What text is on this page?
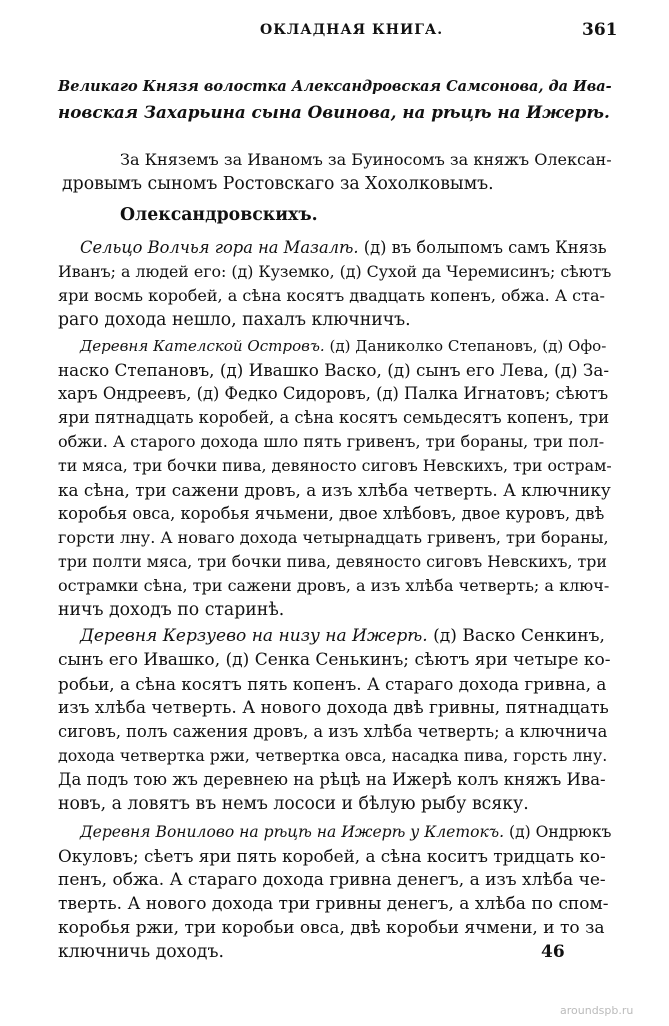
ОКЛАДНАЯ КНИГА.	361
Великаго Князя волостка Александровская Самсонова, да Ива-
новская Захарьина сына Овинова, на рѣцѣ на Ижерѣ.
За Княземъ за Иваномъ за Буиносомъ за княжъ Олексан-
дровымъ сыномъ Ростовскаго за Хохолковымъ.
Олександровскихъ.
Сельцо Волчья гора на Мазалѣ. (д) въ болыпомъ самъ Князь
Иванъ; а людей его: (д) Куземко, (д) Сухой да Черемисинъ; сѣютъ
яри восмь коробей, а сѣна косятъ двадцать копенъ, обжа. А ста-
раго дохода нешло, пахалъ ключничъ.
Деревня Кателской Островъ. (д) Даниколко Степановъ, (д) Офо-
наско Степановъ, (д) Ивашко Васко, (д) сынъ его Лева, (д) За-
харъ Ондреевъ, (д) Федко Сидоровъ, (д) Палка Игнатовъ; сѣютъ
яри пятнадцать коробей, а сѣна косятъ семьдесятъ копенъ, три
обжи. А старого дохода шло пять гривенъ, три бораны, три пол-
ти мяса, три бочки пива, девяносто сиговъ Невскихъ, три острам-
ка сѣна, три сажени дровъ, а изъ хлѣба четверть. А ключнику
коробья овса, коробья ячьмени, двое хлѣбовъ, двое куровъ, двѣ
горсти лну. А новаго дохода четырнадцать гривенъ, три бораны,
три полти мяса, три бочки пива, девяносто сиговъ Невскихъ, три
острамки сѣна, три сажени дровъ, а изъ хлѣба четверть; а ключ-
ничъ доходъ по старинѣ.
Деревня Керзуево на низу на Ижерѣ. (д) Васко Сенкинъ,
сынъ его Ивашко, (д) Сенка Сенькинъ; сѣютъ яри четыре ко-
робьи, а сѣна косятъ пять копенъ. А стараго дохода гривна, а
изъ хлѣба четверть. А нового дохода двѣ гривны, пятнадцать
сиговъ, полъ сажения дровъ, а изъ хлѣба четверть; а ключнича
дохода четвертка ржи, четвертка овса, насадка пива, горсть лну.
Да подъ тою жъ деревнею на рѣцѣ на Ижерѣ колъ княжъ Ива-
новъ, а ловятъ въ немъ лососи и бѣлую рыбу всяку.
Деревня Вониловo на рѣцѣ на Ижерѣ у Клетокъ. (д) Ондрюкъ
Окуловъ; сѣетъ яри пять коробей, а сѣна коситъ тридцать ко-
пенъ, обжа. А стараго дохода гривна денегъ, а изъ хлѣба че-
тверть. А нового дохода три гривны денегъ, а хлѣба по спом-
коробья ржи, три коробьи овса, двѣ коробьи ячмени, и то за
ключничь доходъ.	46
aroundspb.ru
